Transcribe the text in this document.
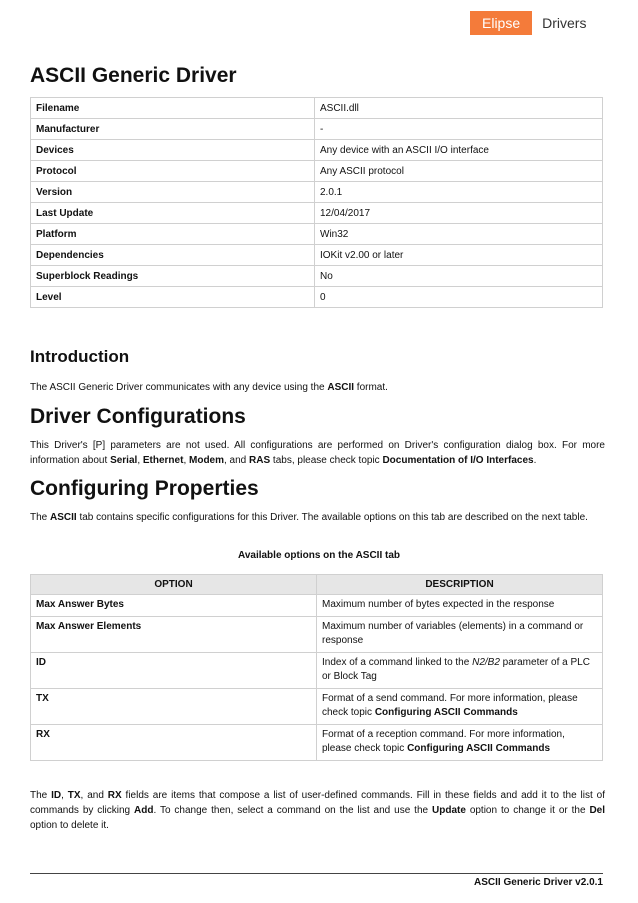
Elipse	Drivers
ASCII Generic Driver
Filename	ASCII.dll
Manufacturer	-
Devices	Any device with an ASCII I/O interface
Protocol	Any ASCII protocol
Version	2.0.1
Last Update	12/04/2017
Platform	Win32
Dependencies	IOKit v2.00 or later
Superblock Readings	No
Level	0
Introduction

The ASCII Generic Driver communicates with any device using the ASCII format.

Driver Configurations

This Driver's [P] parameters are not used. All configurations are performed on Driver's configuration dialog box. For more information about Serial, Ethernet, Modem, and RAS tabs, please check topic Documentation of I/O Interfaces.

Configuring Properties

The ASCII tab contains specific configurations for this Driver. The available options on this tab are described on the next table.

Available options on the ASCII tab
OPTION	DESCRIPTION
Max Answer Bytes	Maximum number of bytes expected in the response
Max Answer Elements	Maximum number of variables (elements) in a command or response
ID	Index of a command linked to the N2/B2 parameter of a PLC or Block Tag
TX	Format of a send command. For more information, please check topic Configuring ASCII Commands
RX	Format of a reception command. For more information, please check topic Configuring ASCII Commands

The ID, TX, and RX fields are items that compose a list of user-defined commands. Fill in these fields and add it to the list of commands by clicking Add. To change then, select a command on the list and use the Update option to change it or the Del option to delete it.

ASCII Generic Driver v2.0.1
